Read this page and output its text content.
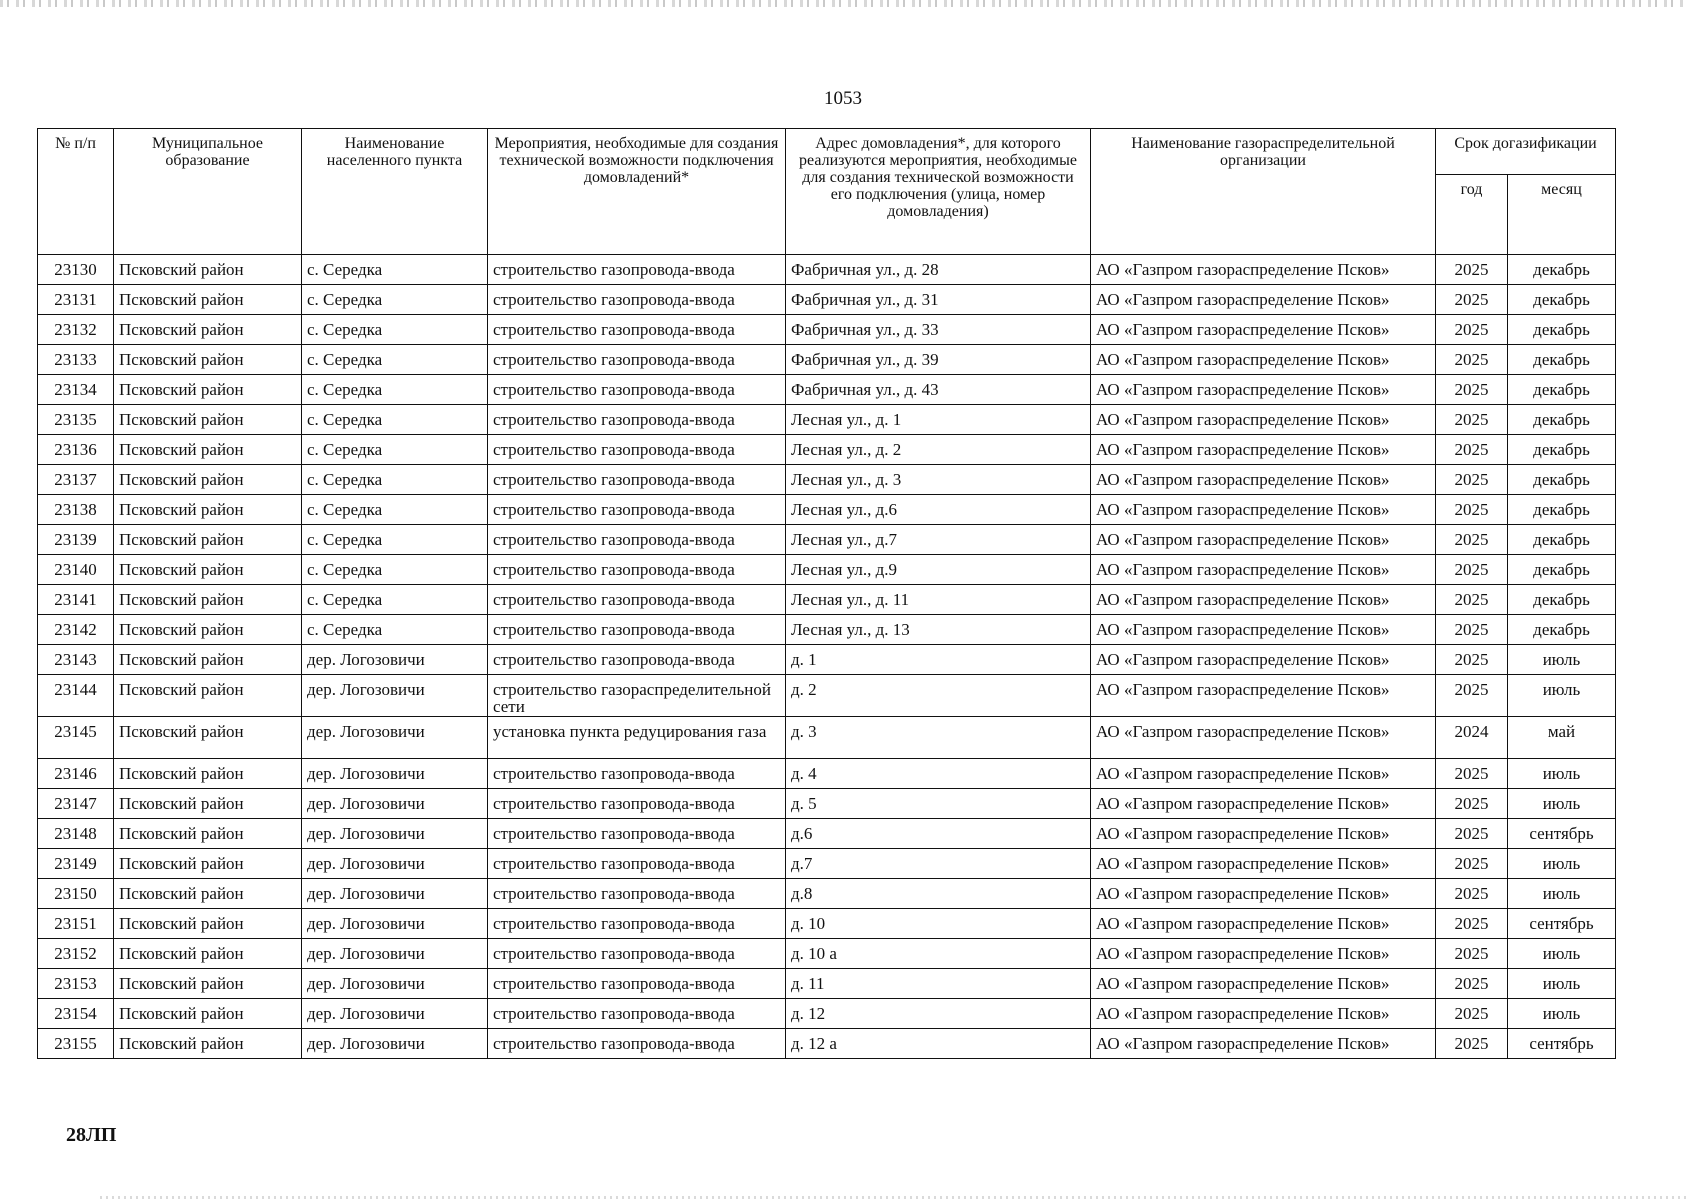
1053
№ п/п	Муниципальное образование	Наименование населенного пункта	Мероприятия, необходимые для создания технической возможности подключения домовладений*	Адрес домовладения*, для которого реализуются мероприятия, необходимые для создания технической возможности его подключения (улица, номер домовладения)	Наименование газораспределительной организации	Срок догазификации	
						год	месяц
23130	Псковский район	с. Середка	строительство газопровода-ввода	Фабричная ул., д. 28	АО «Газпром газораспределение Псков»	2025	декабрь
23131	Псковский район	с. Середка	строительство газопровода-ввода	Фабричная ул., д. 31	АО «Газпром газораспределение Псков»	2025	декабрь
23132	Псковский район	с. Середка	строительство газопровода-ввода	Фабричная ул., д. 33	АО «Газпром газораспределение Псков»	2025	декабрь
23133	Псковский район	с. Середка	строительство газопровода-ввода	Фабричная ул., д. 39	АО «Газпром газораспределение Псков»	2025	декабрь
23134	Псковский район	с. Середка	строительство газопровода-ввода	Фабричная ул., д. 43	АО «Газпром газораспределение Псков»	2025	декабрь
23135	Псковский район	с. Середка	строительство газопровода-ввода	Лесная ул., д. 1	АО «Газпром газораспределение Псков»	2025	декабрь
23136	Псковский район	с. Середка	строительство газопровода-ввода	Лесная ул., д. 2	АО «Газпром газораспределение Псков»	2025	декабрь
23137	Псковский район	с. Середка	строительство газопровода-ввода	Лесная ул., д. 3	АО «Газпром газораспределение Псков»	2025	декабрь
23138	Псковский район	с. Середка	строительство газопровода-ввода	Лесная ул., д.6	АО «Газпром газораспределение Псков»	2025	декабрь
23139	Псковский район	с. Середка	строительство газопровода-ввода	Лесная ул., д.7	АО «Газпром газораспределение Псков»	2025	декабрь
23140	Псковский район	с. Середка	строительство газопровода-ввода	Лесная ул., д.9	АО «Газпром газораспределение Псков»	2025	декабрь
23141	Псковский район	с. Середка	строительство газопровода-ввода	Лесная ул., д. 11	АО «Газпром газораспределение Псков»	2025	декабрь
23142	Псковский район	с. Середка	строительство газопровода-ввода	Лесная ул., д. 13	АО «Газпром газораспределение Псков»	2025	декабрь
23143	Псковский район	дер. Логозовичи	строительство газопровода-ввода	д. 1	АО «Газпром газораспределение Псков»	2025	июль
23144	Псковский район	дер. Логозовичи	строительство газораспределительной сети	д. 2	АО «Газпром газораспределение Псков»	2025	июль
23145	Псковский район	дер. Логозовичи	установка пункта редуцирования газа	д. 3	АО «Газпром газораспределение Псков»	2024	май
23146	Псковский район	дер. Логозовичи	строительство газопровода-ввода	д. 4	АО «Газпром газораспределение Псков»	2025	июль
23147	Псковский район	дер. Логозовичи	строительство газопровода-ввода	д. 5	АО «Газпром газораспределение Псков»	2025	июль
23148	Псковский район	дер. Логозовичи	строительство газопровода-ввода	д.6	АО «Газпром газораспределение Псков»	2025	сентябрь
23149	Псковский район	дер. Логозовичи	строительство газопровода-ввода	д.7	АО «Газпром газораспределение Псков»	2025	июль
23150	Псковский район	дер. Логозовичи	строительство газопровода-ввода	д.8	АО «Газпром газораспределение Псков»	2025	июль
23151	Псковский район	дер. Логозовичи	строительство газопровода-ввода	д. 10	АО «Газпром газораспределение Псков»	2025	сентябрь
23152	Псковский район	дер. Логозовичи	строительство газопровода-ввода	д. 10 а	АО «Газпром газораспределение Псков»	2025	июль
23153	Псковский район	дер. Логозовичи	строительство газопровода-ввода	д. 11	АО «Газпром газораспределение Псков»	2025	июль
23154	Псковский район	дер. Логозовичи	строительство газопровода-ввода	д. 12	АО «Газпром газораспределение Псков»	2025	июль
23155	Псковский район	дер. Логозовичи	строительство газопровода-ввода	д. 12 а	АО «Газпром газораспределение Псков»	2025	сентябрь
28ЛП
